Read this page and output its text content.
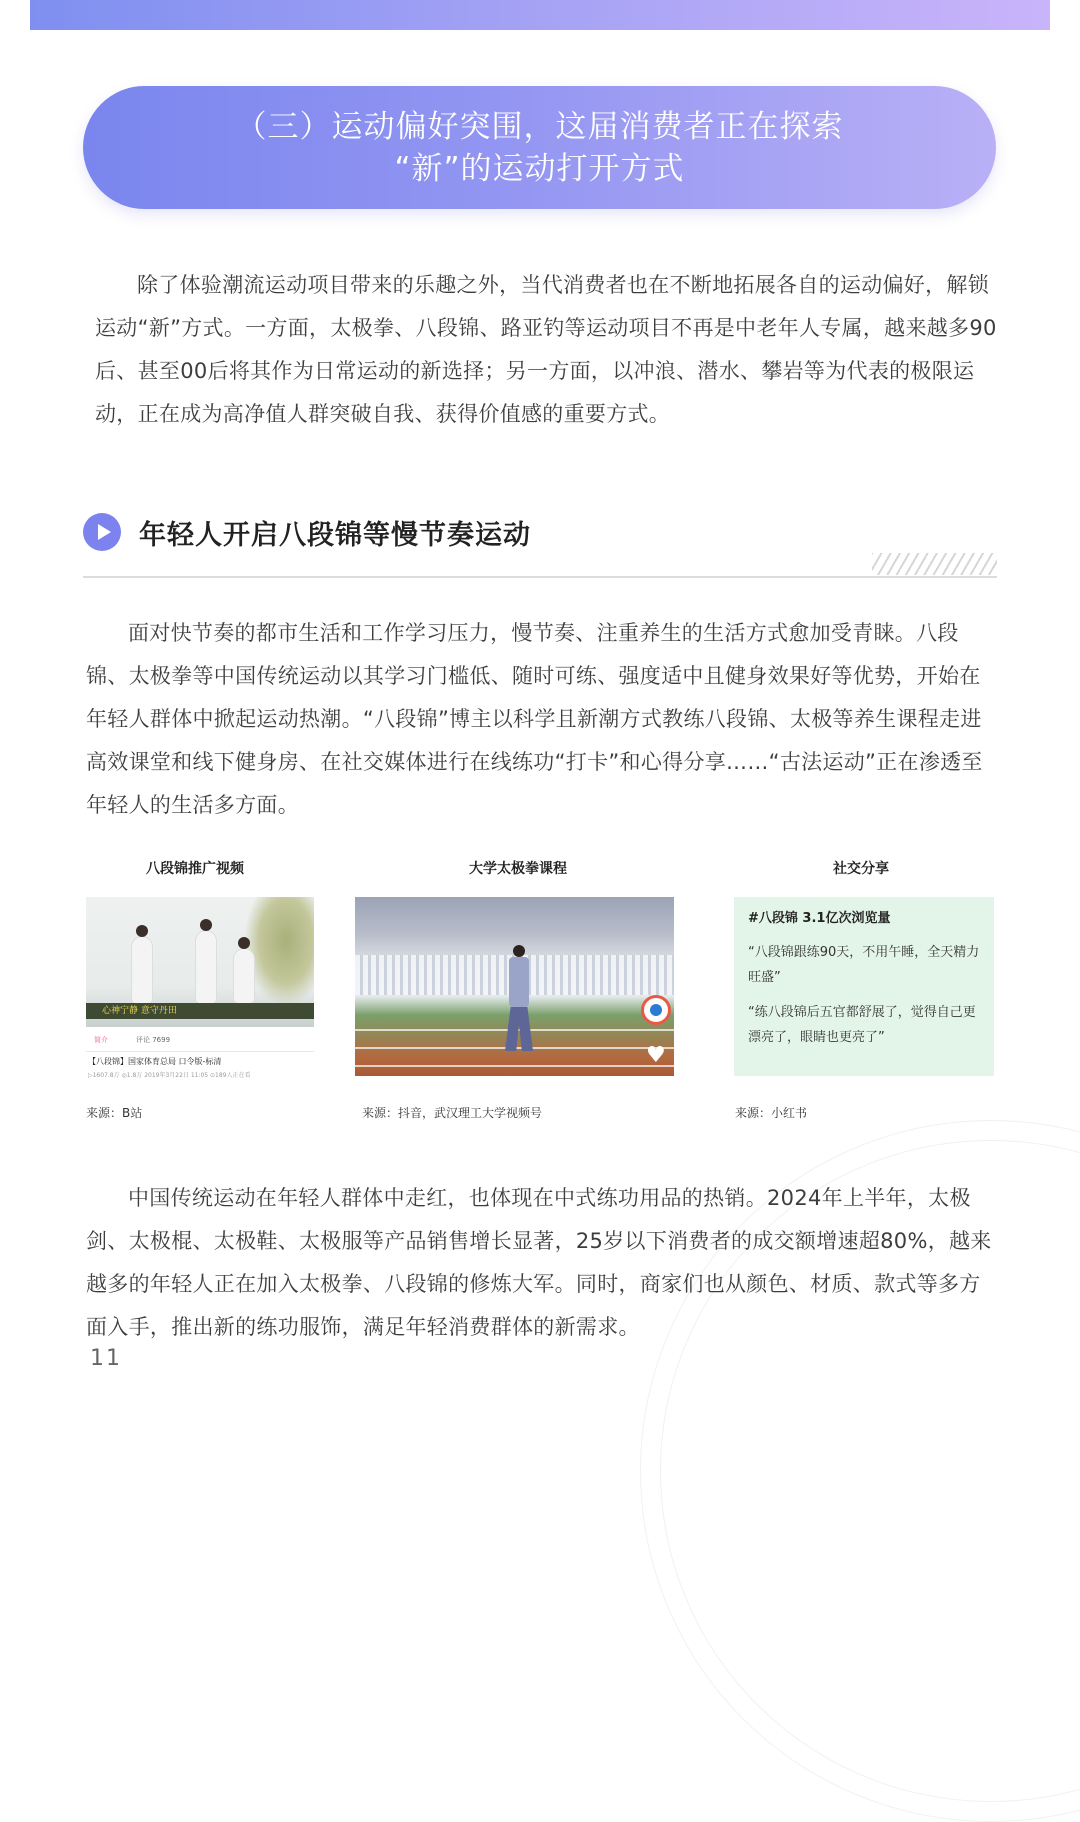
（三）运动偏好突围，这届消费者正在探索
“新”的运动打开方式

除了体验潮流运动项目带来的乐趣之外，当代消费者也在不断地拓展各自的运动偏好，解锁运动“新”方式。一方面，太极拳、八段锦、路亚钓等运动项目不再是中老年人专属，越来越多90后、甚至00后将其作为日常运动的新选择；另一方面，以冲浪、潜水、攀岩等为代表的极限运动，正在成为高净值人群突破自我、获得价值感的重要方式。

年轻人开启八段锦等慢节奏运动

面对快节奏的都市生活和工作学习压力，慢节奏、注重养生的生活方式愈加受青睐。八段锦、太极拳等中国传统运动以其学习门槛低、随时可练、强度适中且健身效果好等优势，开始在年轻人群体中掀起运动热潮。“八段锦”博主以科学且新潮方式教练八段锦、太极等养生课程走进高效课堂和线下健身房、在社交媒体进行在线练功“打卡”和心得分享……“古法运动”正在渗透至年轻人的生活多方面。

八段锦推广视频	大学太极拳课程	社交分享
心神宁静 意守丹田
简介	评论 7699
【八段锦】国家体育总局 口令版-标清
▷1607.8万 ◎1.8万 2019年3月22日 11:05 ⊙189人正在看
♥

#八段锦 3.1亿次浏览量

“八段锦跟练90天，不用午睡，全天精力旺盛”

“练八段锦后五官都舒展了，觉得自己更漂亮了，眼睛也更亮了”

来源：B站	来源：抖音，武汉理工大学视频号	来源：小红书

中国传统运动在年轻人群体中走红，也体现在中式练功用品的热销。2024年上半年，太极剑、太极棍、太极鞋、太极服等产品销售增长显著，25岁以下消费者的成交额增速超80%，越来越多的年轻人正在加入太极拳、八段锦的修炼大军。同时，商家们也从颜色、材质、款式等多方面入手，推出新的练功服饰，满足年轻消费群体的新需求。

11
